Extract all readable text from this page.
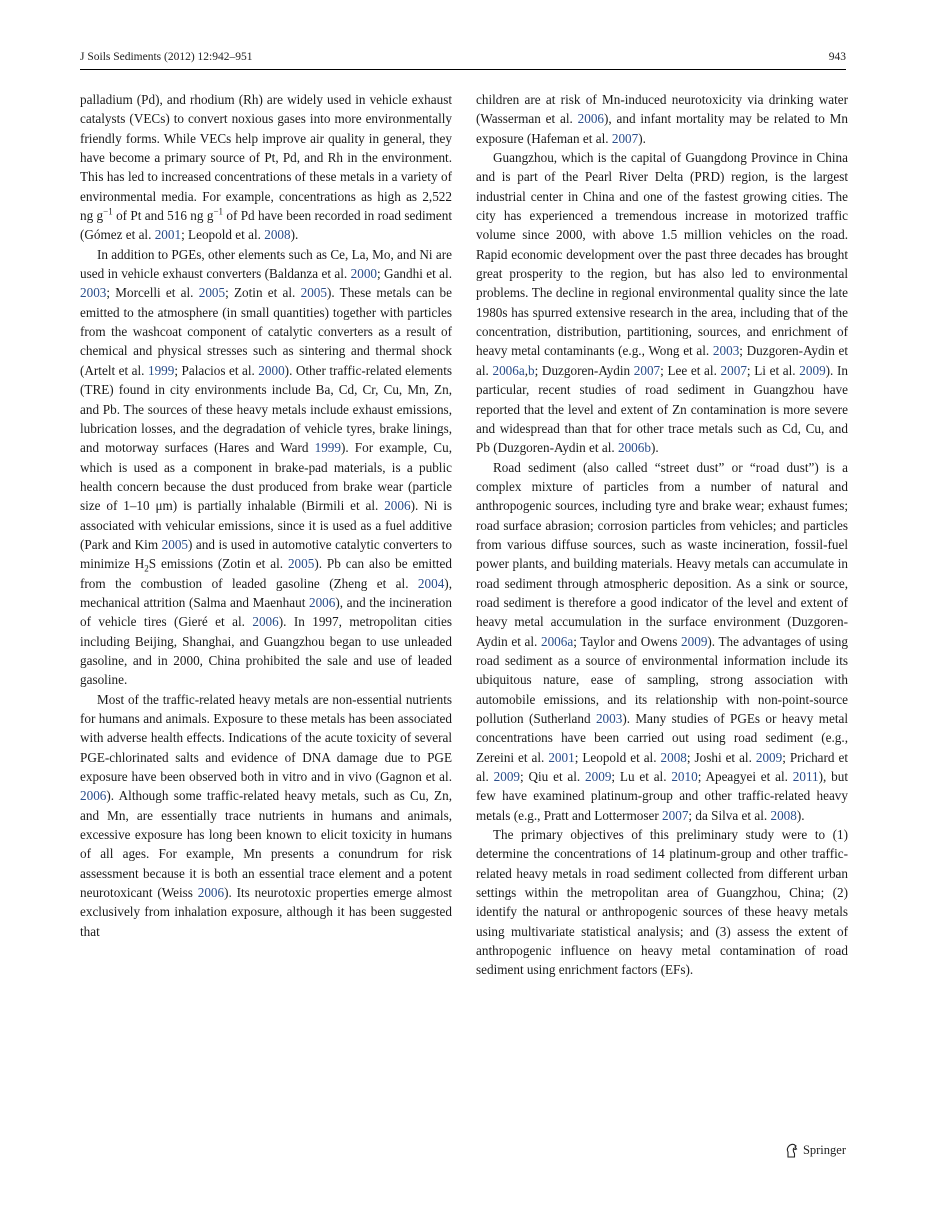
J Soils Sediments (2012) 12:942–951	943

palladium (Pd), and rhodium (Rh) are widely used in vehicle exhaust catalysts (VECs) to convert noxious gases into more environmentally friendly forms. While VECs help improve air quality in general, they have become a primary source of Pt, Pd, and Rh in the environment. This has led to increased concentrations of these metals in a variety of environmental media. For example, concentrations as high as 2,522 ng $g^{-1}$ of Pt and 516 ng $g^{-1}$ of Pd have been recorded in road sediment (Gómez et al. 2001; Leopold et al. 2008).

In addition to PGEs, other elements such as Ce, La, Mo, and Ni are used in vehicle exhaust converters (Baldanza et al. 2000; Gandhi et al. 2003; Morcelli et al. 2005; Zotin et al. 2005). These metals can be emitted to the atmosphere (in small quantities) together with particles from the washcoat component of catalytic converters as a result of chemical and physical stresses such as sintering and thermal shock (Artelt et al. 1999; Palacios et al. 2000). Other traffic-related elements (TRE) found in city environments include Ba, Cd, Cr, Cu, Mn, Zn, and Pb. The sources of these heavy metals include exhaust emissions, lubrication losses, and the degradation of vehicle tyres, brake linings, and motorway surfaces (Hares and Ward 1999). For example, Cu, which is used as a component in brake-pad materials, is a public health concern because the dust produced from brake wear (particle size of 1–10 μm) is partially inhalable (Birmili et al. 2006). Ni is associated with vehicular emissions, since it is used as a fuel additive (Park and Kim 2005) and is used in automotive catalytic converters to minimize $H_2S$ emissions (Zotin et al. 2005). Pb can also be emitted from the combustion of leaded gasoline (Zheng et al. 2004), mechanical attrition (Salma and Maenhaut 2006), and the incineration of vehicle tires (Gieré et al. 2006). In 1997, metropolitan cities including Beijing, Shanghai, and Guangzhou began to use unleaded gasoline, and in 2000, China prohibited the sale and use of leaded gasoline.

Most of the traffic-related heavy metals are non-essential nutrients for humans and animals. Exposure to these metals has been associated with adverse health effects. Indications of the acute toxicity of several PGE-chlorinated salts and evidence of DNA damage due to PGE exposure have been observed both in vitro and in vivo (Gagnon et al. 2006). Although some traffic-related heavy metals, such as Cu, Zn, and Mn, are essentially trace nutrients in humans and animals, excessive exposure has long been known to elicit toxicity in humans of all ages. For example, Mn presents a conundrum for risk assessment because it is both an essential trace element and a potent neurotoxicant (Weiss 2006). Its neurotoxic properties emerge almost exclusively from inhalation exposure, although it has been suggested that

children are at risk of Mn-induced neurotoxicity via drinking water (Wasserman et al. 2006), and infant mortality may be related to Mn exposure (Hafeman et al. 2007).

Guangzhou, which is the capital of Guangdong Province in China and is part of the Pearl River Delta (PRD) region, is the largest industrial center in China and one of the fastest growing cities. The city has experienced a tremendous increase in motorized traffic volume since 2000, with above 1.5 million vehicles on the road. Rapid economic development over the past three decades has brought great prosperity to the region, but has also led to environmental problems. The decline in regional environmental quality since the late 1980s has spurred extensive research in the area, including that of the concentration, distribution, partitioning, sources, and enrichment of heavy metal contaminants (e.g., Wong et al. 2003; Duzgoren-Aydin et al. 2006a,b; Duzgoren-Aydin 2007; Lee et al. 2007; Li et al. 2009). In particular, recent studies of road sediment in Guangzhou have reported that the level and extent of Zn contamination is more severe and widespread than that for other trace metals such as Cd, Cu, and Pb (Duzgoren-Aydin et al. 2006b).

Road sediment (also called “street dust” or “road dust”) is a complex mixture of particles from a number of natural and anthropogenic sources, including tyre and brake wear; exhaust fumes; road surface abrasion; corrosion particles from vehicles; and particles from various diffuse sources, such as waste incineration, fossil-fuel power plants, and building materials. Heavy metals can accumulate in road sediment through atmospheric deposition. As a sink or source, road sediment is therefore a good indicator of the level and extent of heavy metal accumulation in the surface environment (Duzgoren-Aydin et al. 2006a; Taylor and Owens 2009). The advantages of using road sediment as a source of environmental information include its ubiquitous nature, ease of sampling, strong association with automobile emissions, and its relationship with non-point-source pollution (Sutherland 2003). Many studies of PGEs or heavy metal concentrations have been carried out using road sediment (e.g., Zereini et al. 2001; Leopold et al. 2008; Joshi et al. 2009; Prichard et al. 2009; Qiu et al. 2009; Lu et al. 2010; Apeagyei et al. 2011), but few have examined platinum-group and other traffic-related heavy metals (e.g., Pratt and Lottermoser 2007; da Silva et al. 2008).

The primary objectives of this preliminary study were to (1) determine the concentrations of 14 platinum-group and other traffic-related heavy metals in road sediment collected from different urban settings within the metropolitan area of Guangzhou, China; (2) identify the natural or anthropogenic sources of these heavy metals using multivariate statistical analysis; and (3) assess the extent of anthropogenic influence on heavy metal contamination of road sediment using enrichment factors (EFs).

Springer
